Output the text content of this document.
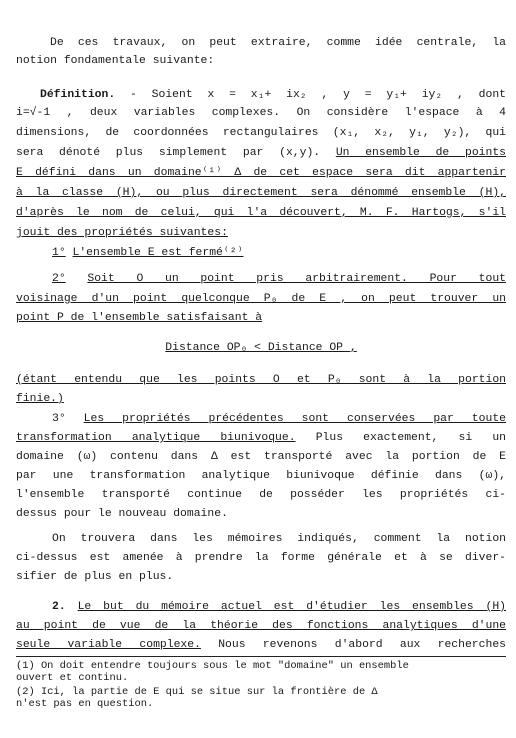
De ces travaux, on peut extraire, comme idée centrale, la
notion fondamentale suivante:
Définition. - Soient x = x₁+ ix₂ , y = y₁+ iy₂ , dont
i=√-1 , deux variables complexes. On considère l'espace à 4
dimensions, de coordonnées rectangulaires (x₁, x₂, y₁, y₂), qui
sera dénoté plus simplement par (x,y). Un ensemble de points
E défini dans un domaine⁽¹⁾ Δ de cet espace sera dit appartenir
à la classe (H), ou plus directement sera dénommé ensemble (H),
d'après le nom de celui, qui l'a découvert, M. F. Hartogs, s'il
jouit des propriétés suivantes:
1° L'ensemble E est fermé⁽²⁾
2° Soit O un point pris arbitrairement. Pour tout
voisinage d'un point quelconque P₀ de E , on peut trouver un
point P de l'ensemble satisfaisant à
Distance OP₀ < Distance OP ,
(étant entendu que les points O et P₀ sont à la portion
finie.)
3° Les propriétés précédentes sont conservées par toute
transformation analytique biunivoque. Plus exactement, si un
domaine (ω) contenu dans Δ est transporté avec la portion de E
par une transformation analytique biunivoque définie dans (ω),
l'ensemble transporté continue de posséder les propriétés ci-
dessus pour le nouveau domaine.
On trouvera dans les mémoires indiqués, comment la notion
ci-dessus est amenée à prendre la forme générale et à se diver-
sifier de plus en plus.
2. Le but du mémoire actuel est d'étudier les ensembles (H)
au point de vue de la théorie des fonctions analytiques d'une
seule variable complexe. Nous revenons d'abord aux recherches
(1) On doit entendre toujours sous le mot "domaine" un ensemble
ouvert et continu.
(2) Ici, la partie de E qui se situe sur la frontière de Δ
n'est pas en question.
